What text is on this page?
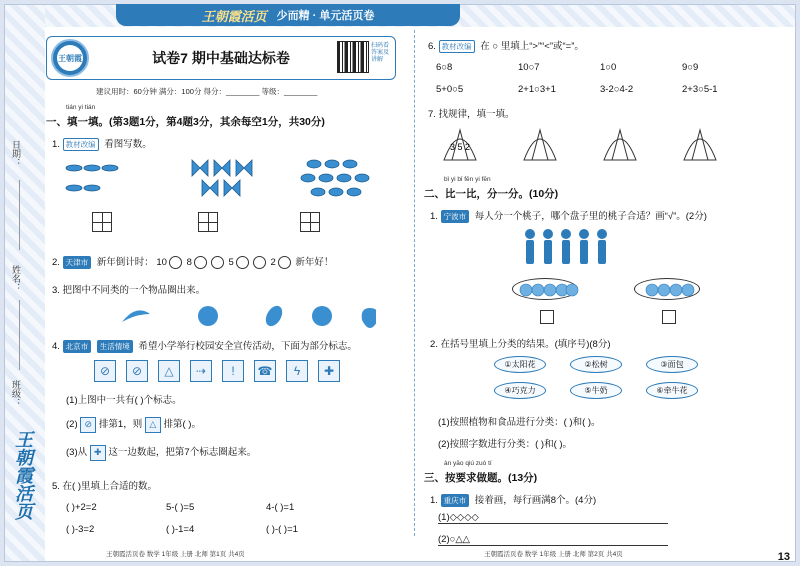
王朝霞活页 少而精 · 单元活页卷
日期：
姓名：
班级：
王朝霞活页
王朝霞	试卷7 期中基础达标卷
扫码看答案及讲解
建议用时：60分钟 满分：100分 得分：________ 等级：________
tián yi tián
一、填一填。(第3题1分，第4题3分，其余每空1分，共30分)
1. 教材改编 看图写数。
2. 天津市 新年倒计时： 10 8	5	2 新年好！
3. 把图中不同类的一个物品圈出来。
4. 北京市 生活情境 希望小学举行校园安全宣传活动，下面为部分标志。
⊘	⊘	△	⇢	!	☎	ϟ	✚
(1)上图中一共有( )个标志。
(2) ⊘ 排第1，则 △ 排第( )。
(3)从 ✚ 这一边数起，把第7个标志圈起来。
5. 在( )里填上合适的数。
( )+2=2	5-( )=5	4-( )=1
( )-3=2	( )-1=4	( )-( )=1
王朝霞活页卷 数学 1年级 上册 北师 第1页 共4页
6. 教材改编 在 ○ 里填上“>”“<”或“=”。
6○8	10○7	1○0	9○9
5+0○5	2+1○3+1	3-2○4-2	2+3○5-1
7. 找规律，填一填。
3 5 2
bǐ yi bǐ fēn yi fēn
二、比一比，分一分。(10分)
1. 宁波市 每人分一个桃子，哪个盘子里的桃子合适？画“√”。(2分)
2. 在括号里填上分类的结果。(填序号)(8分)
①太阳花	②松树	③面包
④巧克力	⑤牛奶	⑥牵牛花
(1)按照植物和食品进行分类：( )和( )。
(2)按照字数进行分类：( )和( )。
àn yāo qiú zuò tí
三、按要求做题。(13分)
1. 重庆市 接着画，每行画满8个。(4分)
(1)◇◇◇◇
(2)○△△
王朝霞活页卷 数学 1年级 上册 北师 第2页 共4页	13
